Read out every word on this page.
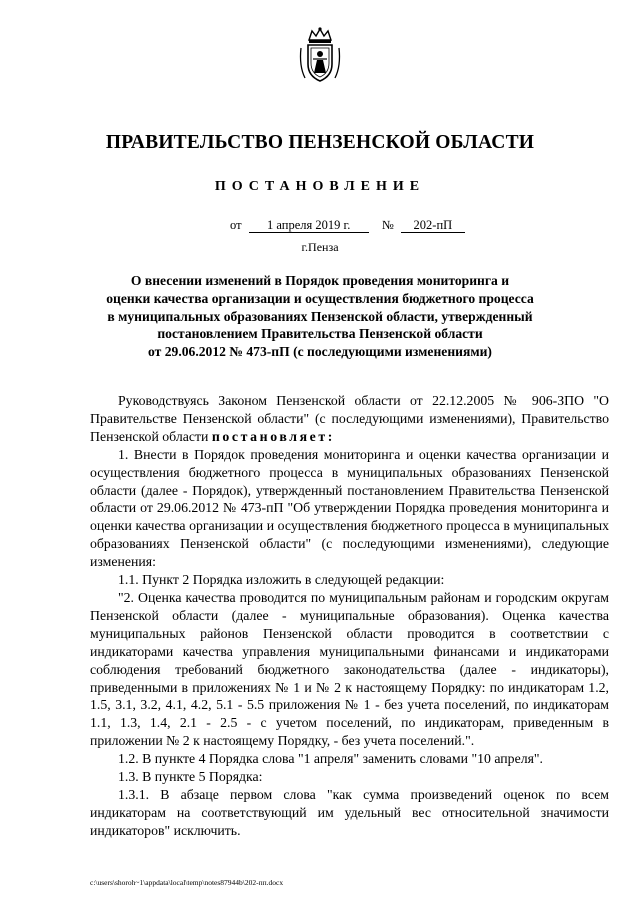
ПРАВИТЕЛЬСТВО ПЕНЗЕНСКОЙ ОБЛАСТИ
ПОСТАНОВЛЕНИЕ
от 1 апреля 2019 г.	№ 202-пП
г.Пенза
О внесении изменений в Порядок проведения мониторинга и
оценки качества организации и осуществления бюджетного процесса
в муниципальных образованиях Пензенской области, утвержденный
постановлением Правительства Пензенской области
от 29.06.2012 № 473-пП (с последующими изменениями)

Руководствуясь Законом Пензенской области от 22.12.2005 № 906-ЗПО "О Правительстве Пензенской области" (с последующими изменениями), Правительство Пензенской области постановляет:

1. Внести в Порядок проведения мониторинга и оценки качества организации и осуществления бюджетного процесса в муниципальных образованиях Пензенской области (далее - Порядок), утвержденный постановлением Правительства Пензенской области от 29.06.2012 № 473-пП "Об утверждении Порядка проведения мониторинга и оценки качества организации и осуществления бюджетного процесса в муниципальных образованиях Пензенской области" (с последующими изменениями), следующие изменения:

1.1. Пункт 2 Порядка изложить в следующей редакции:

"2. Оценка качества проводится по муниципальным районам и городским округам Пензенской области (далее - муниципальные образования). Оценка качества муниципальных районов Пензенской области проводится в соответствии с индикаторами качества управления муниципальными финансами и индикаторами соблюдения требований бюджетного законодательства (далее - индикаторы), приведенными в приложениях № 1 и № 2 к настоящему Порядку: по индикаторам 1.2, 1.5, 3.1, 3.2, 4.1, 4.2, 5.1 - 5.5 приложения № 1 - без учета поселений, по индикаторам 1.1, 1.3, 1.4, 2.1 - 2.5 - с учетом поселений, по индикаторам, приведенным в приложении № 2 к настоящему Порядку, - без учета поселений.".

1.2. В пункте 4 Порядка слова "1 апреля" заменить словами "10 апреля".

1.3. В пункте 5 Порядка:

1.3.1. В абзаце первом слова "как сумма произведений оценок по всем индикаторам на соответствующий им удельный вес относительной значимости индикаторов" исключить.

c:\users\shoroh~1\appdata\local\temp\notes87944b\202-пп.docx
